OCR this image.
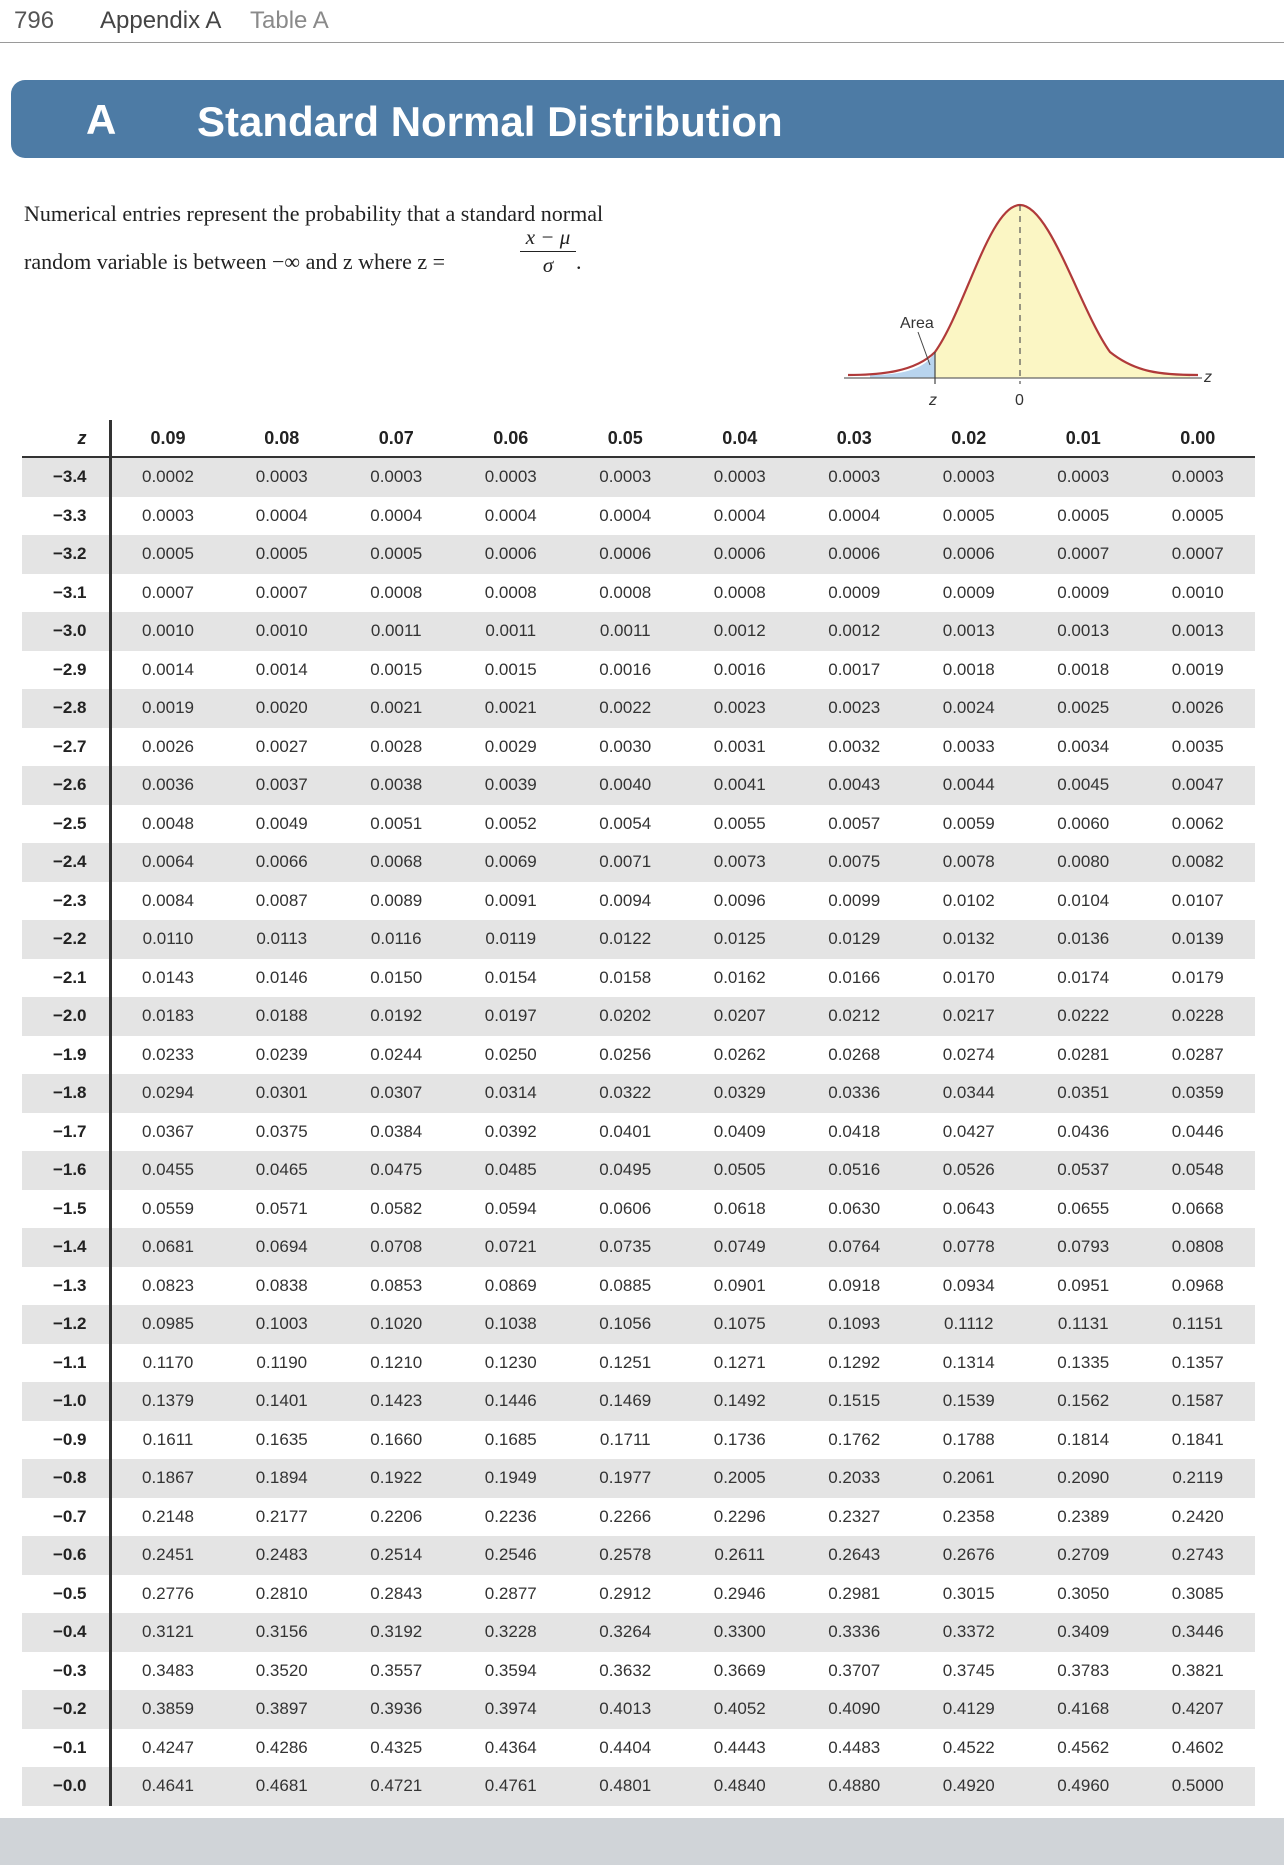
796 Appendix A Table A
A Standard Normal Distribution
Numerical entries represent the probability that a standard normal
random variable is between −∞ and z where z =	$\frac{x - \mu}{\sigma}$ .
Area
z	0
z
z	0.09	0.08	0.07	0.06	0.05	0.04	0.03	0.02	0.01	0.00
−3.4	0.0002	0.0003	0.0003	0.0003	0.0003	0.0003	0.0003	0.0003	0.0003	0.0003
−3.3	0.0003	0.0004	0.0004	0.0004	0.0004	0.0004	0.0004	0.0005	0.0005	0.0005
−3.2	0.0005	0.0005	0.0005	0.0006	0.0006	0.0006	0.0006	0.0006	0.0007	0.0007
−3.1	0.0007	0.0007	0.0008	0.0008	0.0008	0.0008	0.0009	0.0009	0.0009	0.0010
−3.0	0.0010	0.0010	0.0011	0.0011	0.0011	0.0012	0.0012	0.0013	0.0013	0.0013
−2.9	0.0014	0.0014	0.0015	0.0015	0.0016	0.0016	0.0017	0.0018	0.0018	0.0019
−2.8	0.0019	0.0020	0.0021	0.0021	0.0022	0.0023	0.0023	0.0024	0.0025	0.0026
−2.7	0.0026	0.0027	0.0028	0.0029	0.0030	0.0031	0.0032	0.0033	0.0034	0.0035
−2.6	0.0036	0.0037	0.0038	0.0039	0.0040	0.0041	0.0043	0.0044	0.0045	0.0047
−2.5	0.0048	0.0049	0.0051	0.0052	0.0054	0.0055	0.0057	0.0059	0.0060	0.0062
−2.4	0.0064	0.0066	0.0068	0.0069	0.0071	0.0073	0.0075	0.0078	0.0080	0.0082
−2.3	0.0084	0.0087	0.0089	0.0091	0.0094	0.0096	0.0099	0.0102	0.0104	0.0107
−2.2	0.0110	0.0113	0.0116	0.0119	0.0122	0.0125	0.0129	0.0132	0.0136	0.0139
−2.1	0.0143	0.0146	0.0150	0.0154	0.0158	0.0162	0.0166	0.0170	0.0174	0.0179
−2.0	0.0183	0.0188	0.0192	0.0197	0.0202	0.0207	0.0212	0.0217	0.0222	0.0228
−1.9	0.0233	0.0239	0.0244	0.0250	0.0256	0.0262	0.0268	0.0274	0.0281	0.0287
−1.8	0.0294	0.0301	0.0307	0.0314	0.0322	0.0329	0.0336	0.0344	0.0351	0.0359
−1.7	0.0367	0.0375	0.0384	0.0392	0.0401	0.0409	0.0418	0.0427	0.0436	0.0446
−1.6	0.0455	0.0465	0.0475	0.0485	0.0495	0.0505	0.0516	0.0526	0.0537	0.0548
−1.5	0.0559	0.0571	0.0582	0.0594	0.0606	0.0618	0.0630	0.0643	0.0655	0.0668
−1.4	0.0681	0.0694	0.0708	0.0721	0.0735	0.0749	0.0764	0.0778	0.0793	0.0808
−1.3	0.0823	0.0838	0.0853	0.0869	0.0885	0.0901	0.0918	0.0934	0.0951	0.0968
−1.2	0.0985	0.1003	0.1020	0.1038	0.1056	0.1075	0.1093	0.1112	0.1131	0.1151
−1.1	0.1170	0.1190	0.1210	0.1230	0.1251	0.1271	0.1292	0.1314	0.1335	0.1357
−1.0	0.1379	0.1401	0.1423	0.1446	0.1469	0.1492	0.1515	0.1539	0.1562	0.1587
−0.9	0.1611	0.1635	0.1660	0.1685	0.1711	0.1736	0.1762	0.1788	0.1814	0.1841
−0.8	0.1867	0.1894	0.1922	0.1949	0.1977	0.2005	0.2033	0.2061	0.2090	0.2119
−0.7	0.2148	0.2177	0.2206	0.2236	0.2266	0.2296	0.2327	0.2358	0.2389	0.2420
−0.6	0.2451	0.2483	0.2514	0.2546	0.2578	0.2611	0.2643	0.2676	0.2709	0.2743
−0.5	0.2776	0.2810	0.2843	0.2877	0.2912	0.2946	0.2981	0.3015	0.3050	0.3085
−0.4	0.3121	0.3156	0.3192	0.3228	0.3264	0.3300	0.3336	0.3372	0.3409	0.3446
−0.3	0.3483	0.3520	0.3557	0.3594	0.3632	0.3669	0.3707	0.3745	0.3783	0.3821
−0.2	0.3859	0.3897	0.3936	0.3974	0.4013	0.4052	0.4090	0.4129	0.4168	0.4207
−0.1	0.4247	0.4286	0.4325	0.4364	0.4404	0.4443	0.4483	0.4522	0.4562	0.4602
−0.0	0.4641	0.4681	0.4721	0.4761	0.4801	0.4840	0.4880	0.4920	0.4960	0.5000
